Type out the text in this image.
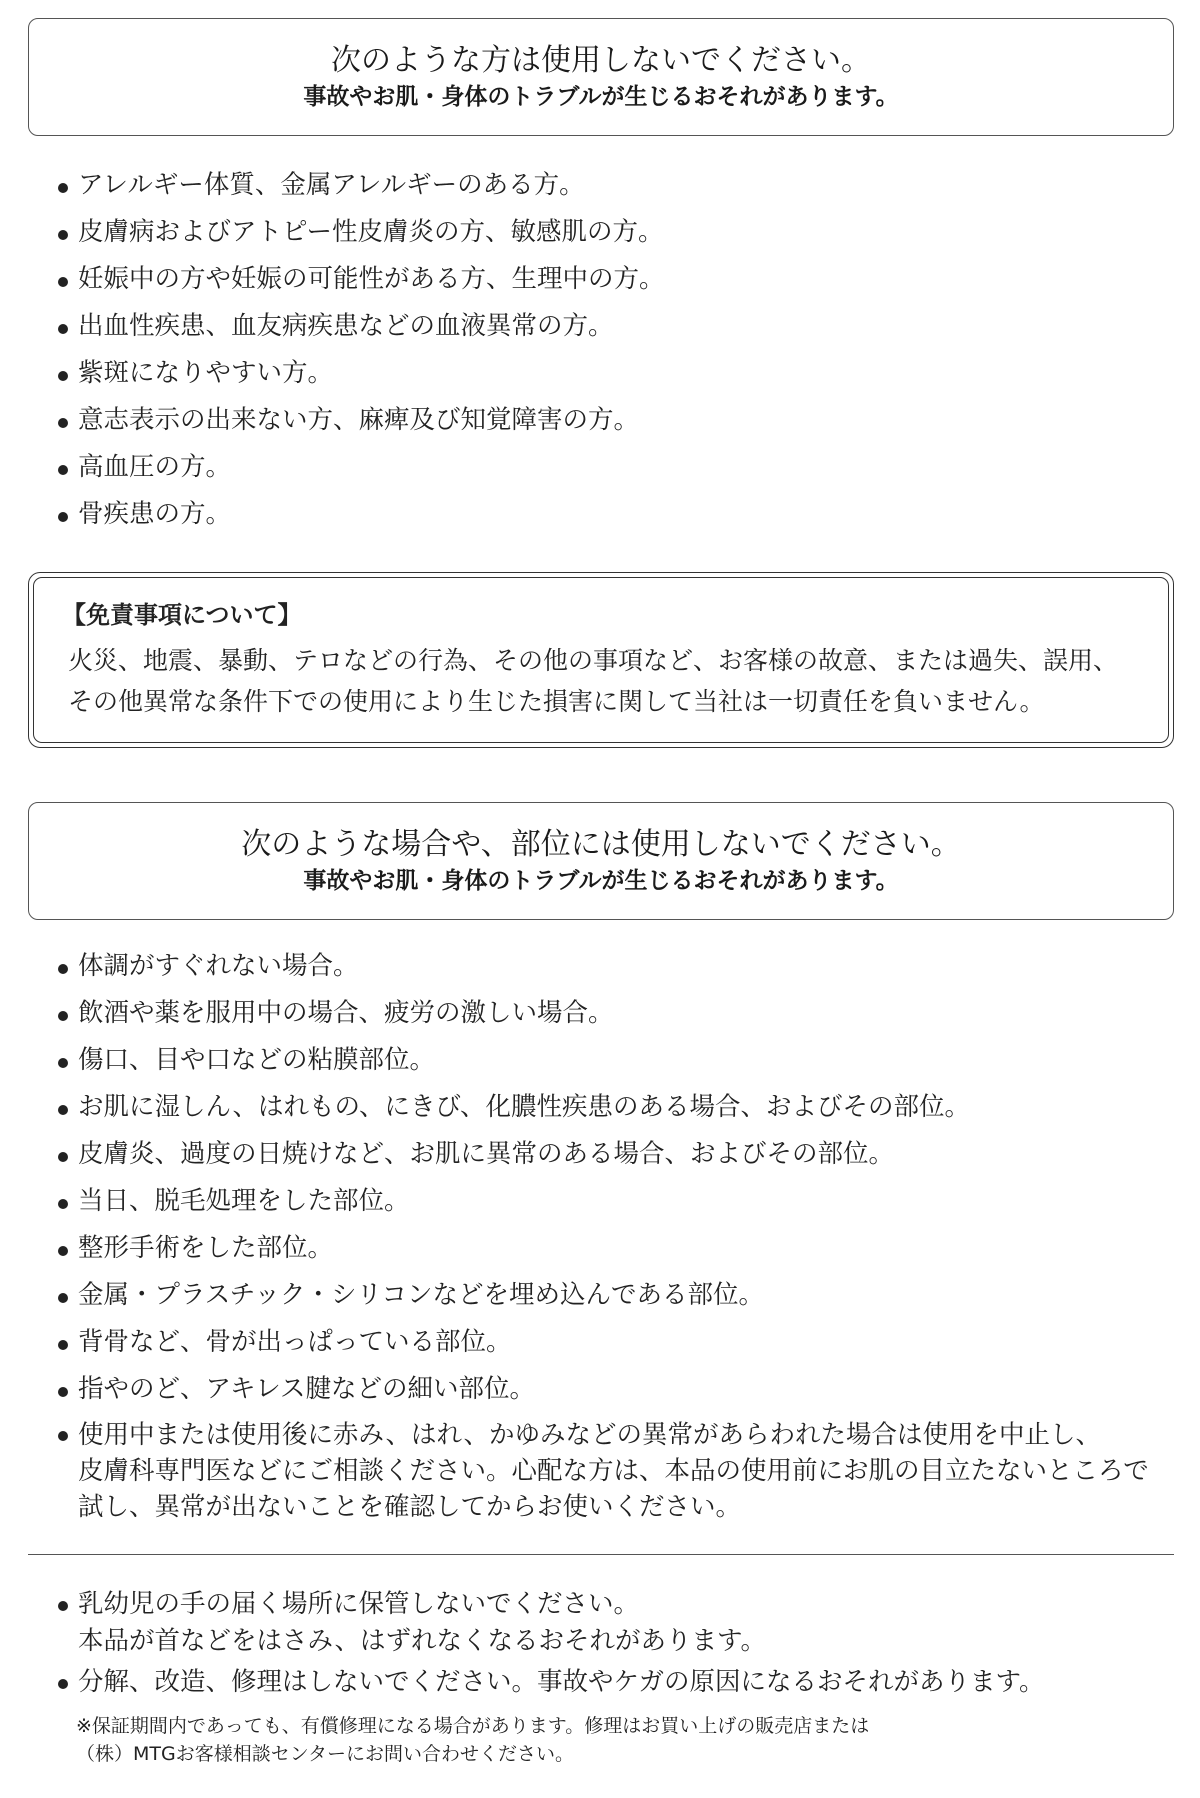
次のような方は使用しないでください。
事故やお肌・身体のトラブルが生じるおそれがあります。
アレルギー体質、金属アレルギーのある方。
皮膚病およびアトピー性皮膚炎の方、敏感肌の方。
妊娠中の方や妊娠の可能性がある方、生理中の方。
出血性疾患、血友病疾患などの血液異常の方。
紫斑になりやすい方。
意志表示の出来ない方、麻痺及び知覚障害の方。
高血圧の方。
骨疾患の方。
【免責事項について】
火災、地震、暴動、テロなどの行為、その他の事項など、お客様の故意、または過失、誤用、
その他異常な条件下での使用により生じた損害に関して当社は一切責任を負いません。
次のような場合や、部位には使用しないでください。
事故やお肌・身体のトラブルが生じるおそれがあります。
体調がすぐれない場合。
飲酒や薬を服用中の場合、疲労の激しい場合。
傷口、目や口などの粘膜部位。
お肌に湿しん、はれもの、にきび、化膿性疾患のある場合、およびその部位。
皮膚炎、過度の日焼けなど、お肌に異常のある場合、およびその部位。
当日、脱毛処理をした部位。
整形手術をした部位。
金属・プラスチック・シリコンなどを埋め込んである部位。
背骨など、骨が出っぱっている部位。
指やのど、アキレス腱などの細い部位。
使用中または使用後に赤み、はれ、かゆみなどの異常があらわれた場合は使用を中止し、
皮膚科専門医などにご相談ください。心配な方は、本品の使用前にお肌の目立たないところで
試し、異常が出ないことを確認してからお使いください。
乳幼児の手の届く場所に保管しないでください。
本品が首などをはさみ、はずれなくなるおそれがあります。
分解、改造、修理はしないでください。事故やケガの原因になるおそれがあります。
※保証期間内であっても、有償修理になる場合があります。修理はお買い上げの販売店または
（株）MTGお客様相談センターにお問い合わせください。
